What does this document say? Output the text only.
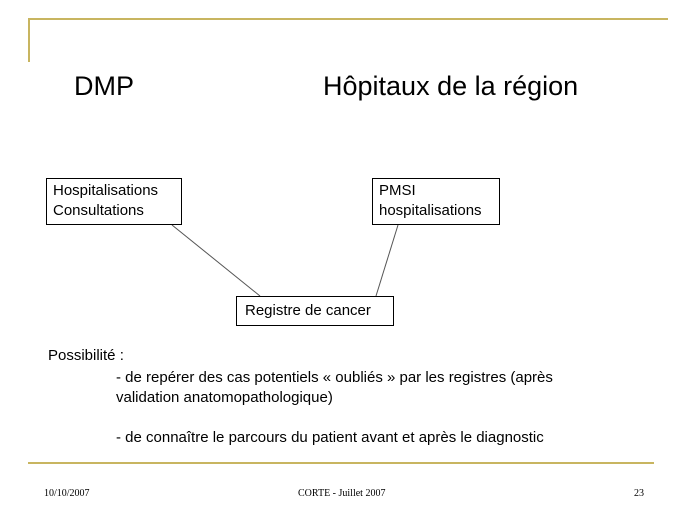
DMP	Hôpitaux de la région
Hospitalisations
Consultations
PMSI
hospitalisations
Registre de cancer
Possibilité :
- de repérer des cas potentiels « oubliés » par les registres (après
validation anatomopathologique)
- de connaître le parcours du patient avant et après le diagnostic
10/10/2007	CORTE - Juillet 2007	23
